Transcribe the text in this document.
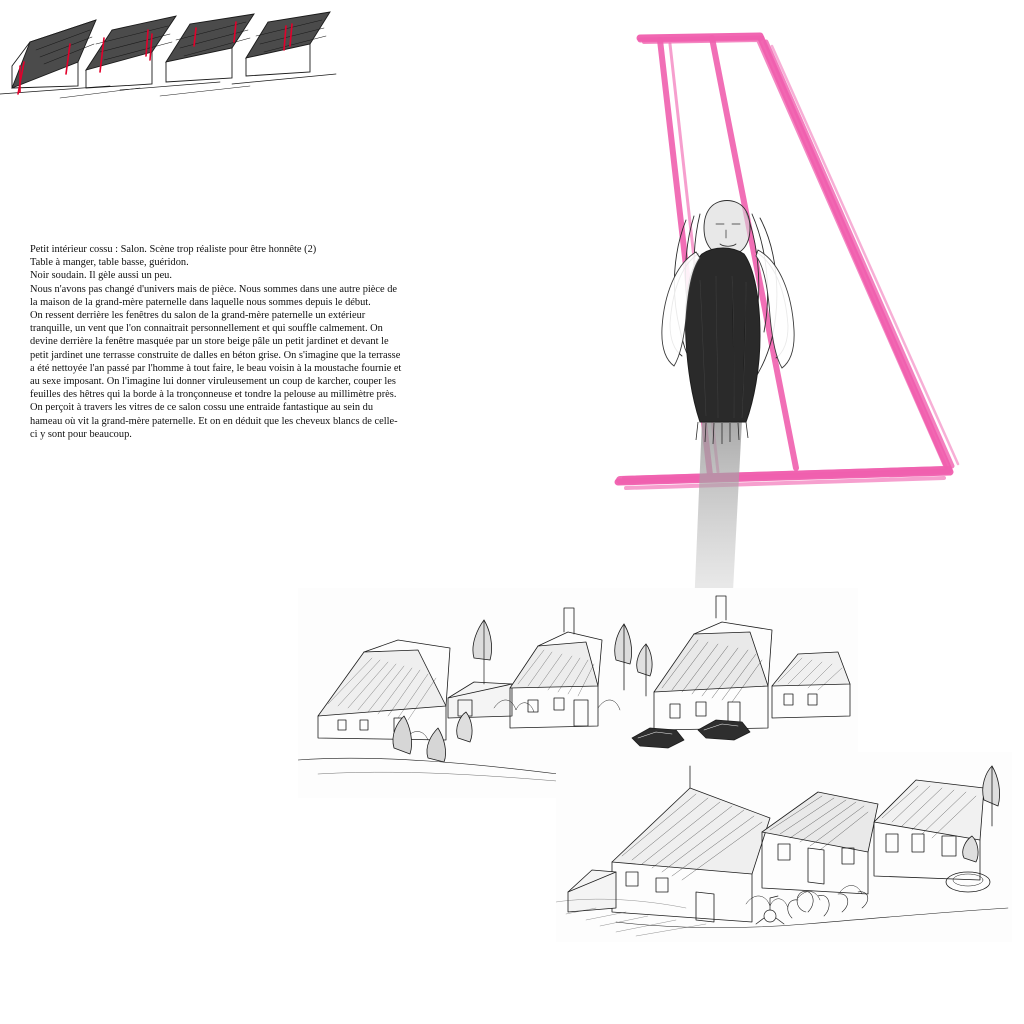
Petit intérieur cossu : Salon. Scène trop réaliste pour être honnête (2)

Table à manger, table basse, guéridon.

Noir soudain. Il gèle aussi un peu.

Nous n'avons pas changé d'univers mais de pièce. Nous sommes dans une autre pièce de la maison de la grand-mère paternelle dans laquelle nous sommes depuis le début.

On ressent derrière les fenêtres du salon de la grand-mère paternelle un extérieur tranquille, un vent que l'on connaitrait personnellement et qui souffle calmement. On devine derrière la fenêtre masquée par un store beige pâle un petit jardinet et devant le petit jardinet une terrasse construite de dalles en béton grise. On s'imagine que la terrasse a été nettoyée l'an passé par l'homme à tout faire, le beau voisin à la moustache fournie et au sexe imposant. On l'imagine lui donner viruleusement un coup de karcher, couper les feuilles des hêtres qui la borde à la tronçonneuse et tondre la pelouse au millimètre près.

On perçoit à travers les vitres de ce salon cossu une entraide fantastique au sein du hameau où vit la grand-mère paternelle. Et on en déduit que les cheveux blancs de celle-ci y sont pour beaucoup.
